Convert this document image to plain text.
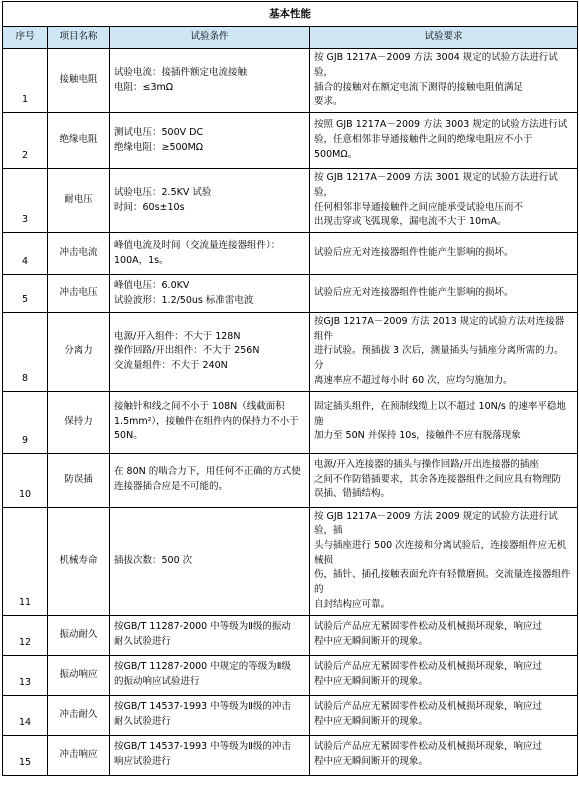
基本性能			
序号	项目名称	试验条件	试验要求
1	接触电阻	试验电流：接插件额定电流接触
电阻：≤3mΩ	按 GJB 1217A－2009 方法 3004 规定的试验方法进行试验，
插合的接触对在额定电流下测得的接触电阻值满足
要求。

2	绝缘电阻	测试电压：500V DC
绝缘电阻：≥500MΩ	按照 GJB 1217A－2009 方法 3003 规定的试验方法进行试
验，任意相邻非导通接触件之间的绝缘电阻应不小于
500MΩ。

3	耐电压	试验电压：2.5KV 试验
时间：60s±10s	按 GJB 1217A－2009 方法 3001 规定的试验方法进行试验，
任何相邻非导通接触件之间应能承受试验电压而不
出现击穿或飞弧现象，漏电流不大于 10mA。

4	冲击电流	峰值电流及时间（交流量连接器组件）：
100A，1s。	试验后应无对连接器组件性能产生影响的损坏。

5	冲击电压	峰值电压：6.0KV
试验波形：1.2/50us 标准雷电波	试验后应无对连接器组件性能产生影响的损坏。

8	分离力	电源/开入组件：不大于 128N
操作回路/开出组件：不大于 256N
交流量组件：不大于 240N	按GJB 1217A－2009 方法 2013 规定的试验方法对连接器组件
进行试验。预插拔 3 次后，测量插头与插座分离所需的力。分
离速率应不超过每小时 60 次，应均匀施加力。

9	保持力	接触针和线之间不小于 108N（线截面积
1.5mm²），接触件在组件内的保持力不小于
50N。	固定插头组件，在预制线缆上以不超过 10N/s 的速率平稳地施
加力至 50N 并保持 10s，接触件不应有脱落现象

10	防误插	在 80N 的啮合力下，用任何不正确的方式使
连接器插合应是不可能的。	电源/开入连接器的插头与操作回路/开出连接器的插座
之间不作防错插要求，其余各连接器组件之间应具有物理防
误插、错插结构。

11	机械寿命	插拔次数：500 次	按 GJB 1217A－2009 方法 2009 规定的试验方法进行试验，插
头与插座进行 500 次连接和分离试验后，连接器组件应无机械损
伤，插针、插孔接触表面允许有轻微磨损。交流量连接器组件的
自封结构应可靠。

12	振动耐久	按GB/T 11287-2000 中等级为Ⅱ级的振动
耐久试验进行	试验后产品应无紧固零件松动及机械损坏现象，响应过
程中应无瞬间断开的现象。

13	振动响应	按GB/T 11287-2000 中规定的等级为Ⅱ级
的振动响应试验进行	试验后产品应无紧固零件松动及机械损坏现象，响应过
程中应无瞬间断开的现象。

14	冲击耐久	按GB/T 14537-1993 中等级为Ⅱ级的冲击
耐久试验进行	试验后产品应无紧固零件松动及机械损坏现象，响应过
程中应无瞬间断开的现象。

15	冲击响应	按GB/T 14537-1993 中等级为Ⅱ级的冲击
响应试验进行	试验后产品应无紧固零件松动及机械损坏现象，响应过
程中应无瞬间断开的现象。
